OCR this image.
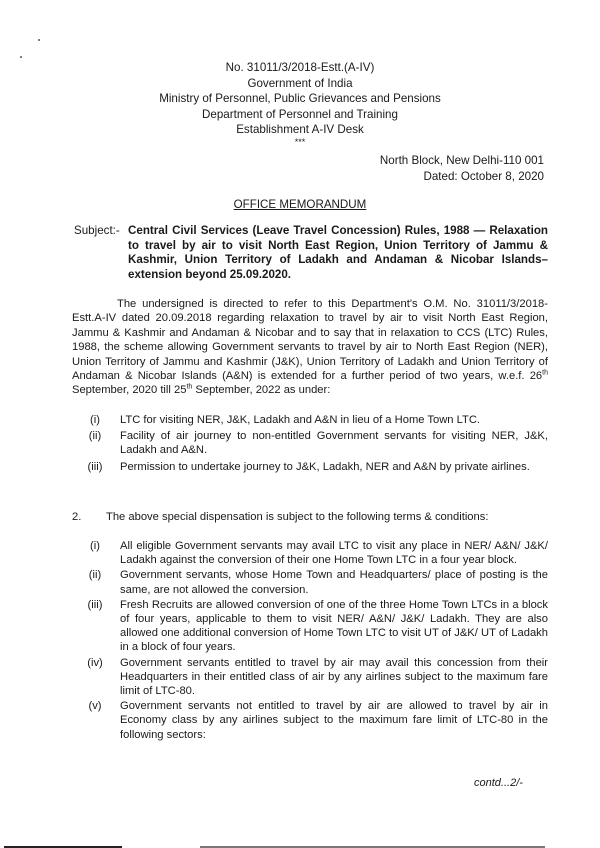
No. 31011/3/2018-Estt.(A-IV)
Government of India
Ministry of Personnel, Public Grievances and Pensions
Department of Personnel and Training
Establishment A-IV Desk
***
North Block, New Delhi-110 001
Dated: October 8, 2020
OFFICE MEMORANDUM
Subject:- Central Civil Services (Leave Travel Concession) Rules, 1988 — Relaxation to travel by air to visit North East Region, Union Territory of Jammu & Kashmir, Union Territory of Ladakh and Andaman & Nicobar Islands– extension beyond 25.09.2020.
The undersigned is directed to refer to this Department's O.M. No. 31011/3/2018-Estt.A-IV dated 20.09.2018 regarding relaxation to travel by air to visit North East Region, Jammu & Kashmir and Andaman & Nicobar and to say that in relaxation to CCS (LTC) Rules, 1988, the scheme allowing Government servants to travel by air to North East Region (NER), Union Territory of Jammu and Kashmir (J&K), Union Territory of Ladakh and Union Territory of Andaman & Nicobar Islands (A&N) is extended for a further period of two years, w.e.f. 26th September, 2020 till 25th September, 2022 as under:
(i)	LTC for visiting NER, J&K, Ladakh and A&N in lieu of a Home Town LTC.
(ii)	Facility of air journey to non-entitled Government servants for visiting NER, J&K, Ladakh and A&N.
(iii)	Permission to undertake journey to J&K, Ladakh, NER and A&N by private airlines.
2. The above special dispensation is subject to the following terms & conditions:
(i)	All eligible Government servants may avail LTC to visit any place in NER/ A&N/ J&K/ Ladakh against the conversion of their one Home Town LTC in a four year block.
(ii)	Government servants, whose Home Town and Headquarters/ place of posting is the same, are not allowed the conversion.
(iii)	Fresh Recruits are allowed conversion of one of the three Home Town LTCs in a block of four years, applicable to them to visit NER/ A&N/ J&K/ Ladakh. They are also allowed one additional conversion of Home Town LTC to visit UT of J&K/ UT of Ladakh in a block of four years.
(iv)	Government servants entitled to travel by air may avail this concession from their Headquarters in their entitled class of air by any airlines subject to the maximum fare limit of LTC-80.
(v)	Government servants not entitled to travel by air are allowed to travel by air in Economy class by any airlines subject to the maximum fare limit of LTC-80 in the following sectors:
contd...2/-
